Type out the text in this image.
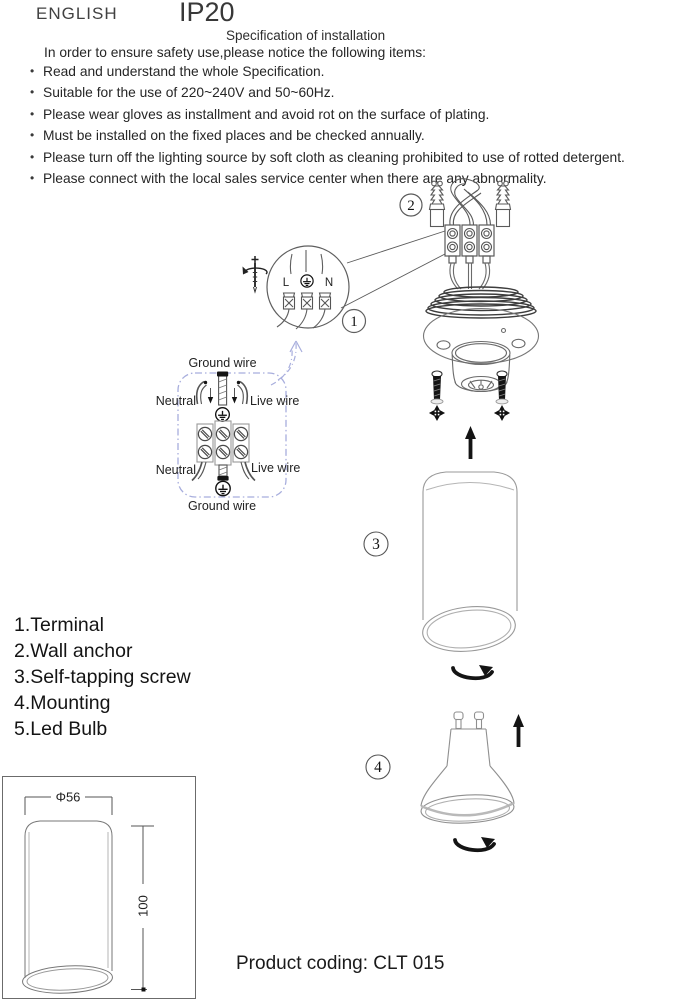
ENGLISH IP20
Specification of installation
In order to ensure safety use,please notice the following items:
• Read and understand the whole Specification.
• Suitable for the use of 220~240V and 50~60Hz.
• Please wear gloves as installment and avoid rot on the surface of plating.
• Must be installed on the fixed places and be checked annually.
• Please turn off the lighting source by soft cloth as cleaning prohibited to use of rotted detergent.
• Please connect with the local sales service center when there are any abnormality.
1.Terminal
2.Wall anchor
3.Self-tapping screw
4.Mounting
5.Led Bulb
Product coding: CLT 015
2
L	N
1
Ground wire
Neutral	Live wire
Neutral	Live wire
Ground wire
3
4
Φ56
100
